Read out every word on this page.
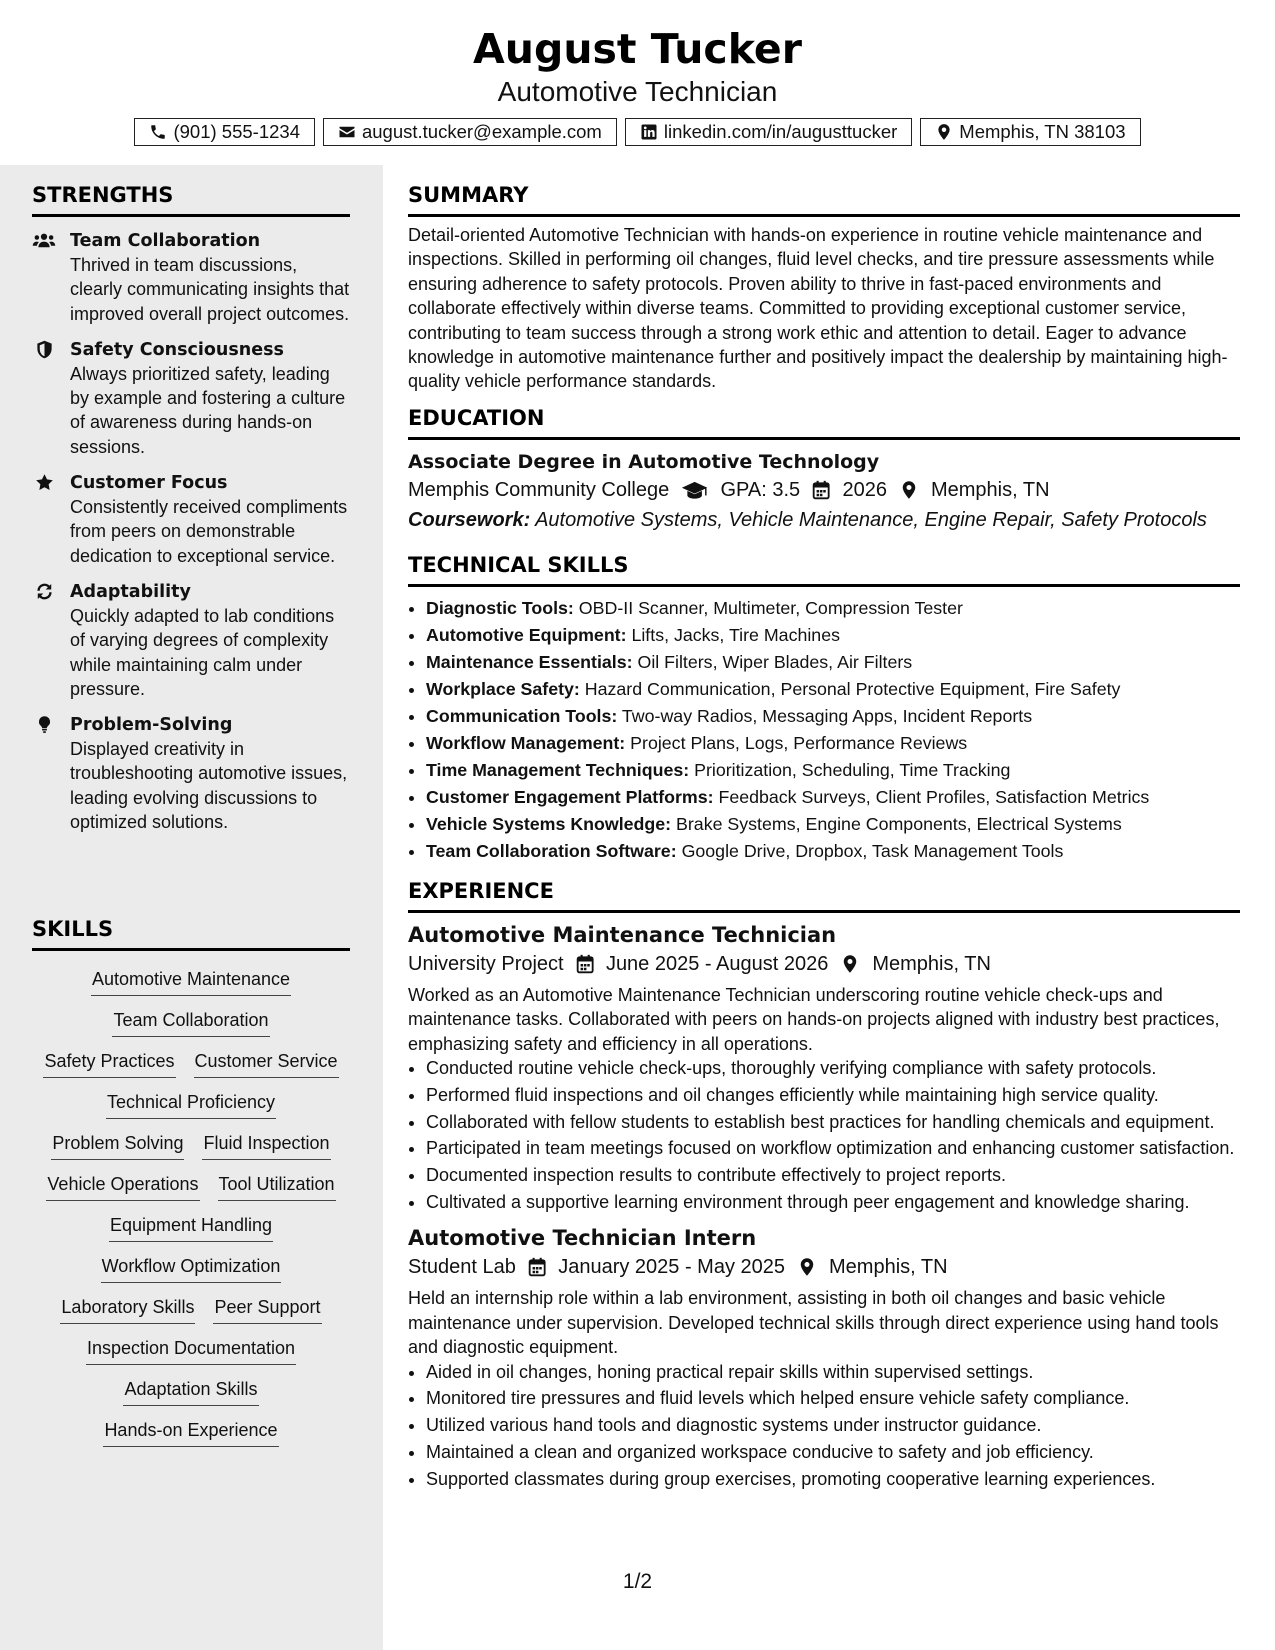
August Tucker
Automotive Technician
(901) 555-1234	august.tucker@example.com	linkedin.com/in/augusttucker	Memphis, TN 38103
STRENGTHS
Team Collaboration
Thrived in team discussions, clearly communicating insights that improved overall project outcomes.
Safety Consciousness
Always prioritized safety, leading by example and fostering a culture of awareness during hands-on sessions.
Customer Focus
Consistently received compliments from peers on demonstrable dedication to exceptional service.
Adaptability
Quickly adapted to lab conditions of varying degrees of complexity while maintaining calm under pressure.
Problem-Solving
Displayed creativity in troubleshooting automotive issues, leading evolving discussions to optimized solutions.
SKILLS
Automotive Maintenance
Team Collaboration
Safety Practices Customer Service
Technical Proficiency
Problem Solving Fluid Inspection
Vehicle Operations Tool Utilization
Equipment Handling
Workflow Optimization
Laboratory Skills Peer Support
Inspection Documentation
Adaptation Skills
Hands-on Experience
SUMMARY
Detail-oriented Automotive Technician with hands-on experience in routine vehicle maintenance and inspections. Skilled in performing oil changes, fluid level checks, and tire pressure assessments while ensuring adherence to safety protocols. Proven ability to thrive in fast-paced environments and collaborate effectively within diverse teams. Committed to providing exceptional customer service, contributing to team success through a strong work ethic and attention to detail. Eager to advance knowledge in automotive maintenance further and positively impact the dealership by maintaining high-quality vehicle performance standards.
EDUCATION
Associate Degree in Automotive Technology
Memphis Community College	GPA: 3.5 2026 Memphis, TN
Coursework: Automotive Systems, Vehicle Maintenance, Engine Repair, Safety Protocols
TECHNICAL SKILLS
• Diagnostic Tools: OBD-II Scanner, Multimeter, Compression Tester
• Automotive Equipment: Lifts, Jacks, Tire Machines
• Maintenance Essentials: Oil Filters, Wiper Blades, Air Filters
• Workplace Safety: Hazard Communication, Personal Protective Equipment, Fire Safety
• Communication Tools: Two-way Radios, Messaging Apps, Incident Reports
• Workflow Management: Project Plans, Logs, Performance Reviews
• Time Management Techniques: Prioritization, Scheduling, Time Tracking
• Customer Engagement Platforms: Feedback Surveys, Client Profiles, Satisfaction Metrics
• Vehicle Systems Knowledge: Brake Systems, Engine Components, Electrical Systems
• Team Collaboration Software: Google Drive, Dropbox, Task Management Tools
EXPERIENCE
Automotive Maintenance Technician
University Project June 2025 - August 2026 Memphis, TN
Worked as an Automotive Maintenance Technician underscoring routine vehicle check-ups and maintenance tasks. Collaborated with peers on hands-on projects aligned with industry best practices, emphasizing safety and efficiency in all operations.
• Conducted routine vehicle check-ups, thoroughly verifying compliance with safety protocols.
• Performed fluid inspections and oil changes efficiently while maintaining high service quality.
• Collaborated with fellow students to establish best practices for handling chemicals and equipment.
• Participated in team meetings focused on workflow optimization and enhancing customer satisfaction.
• Documented inspection results to contribute effectively to project reports.
• Cultivated a supportive learning environment through peer engagement and knowledge sharing.
Automotive Technician Intern
Student Lab January 2025 - May 2025 Memphis, TN
Held an internship role within a lab environment, assisting in both oil changes and basic vehicle maintenance under supervision. Developed technical skills through direct experience using hand tools and diagnostic equipment.
• Aided in oil changes, honing practical repair skills within supervised settings.
• Monitored tire pressures and fluid levels which helped ensure vehicle safety compliance.
• Utilized various hand tools and diagnostic systems under instructor guidance.
• Maintained a clean and organized workspace conducive to safety and job efficiency.
• Supported classmates during group exercises, promoting cooperative learning experiences.
1/2
